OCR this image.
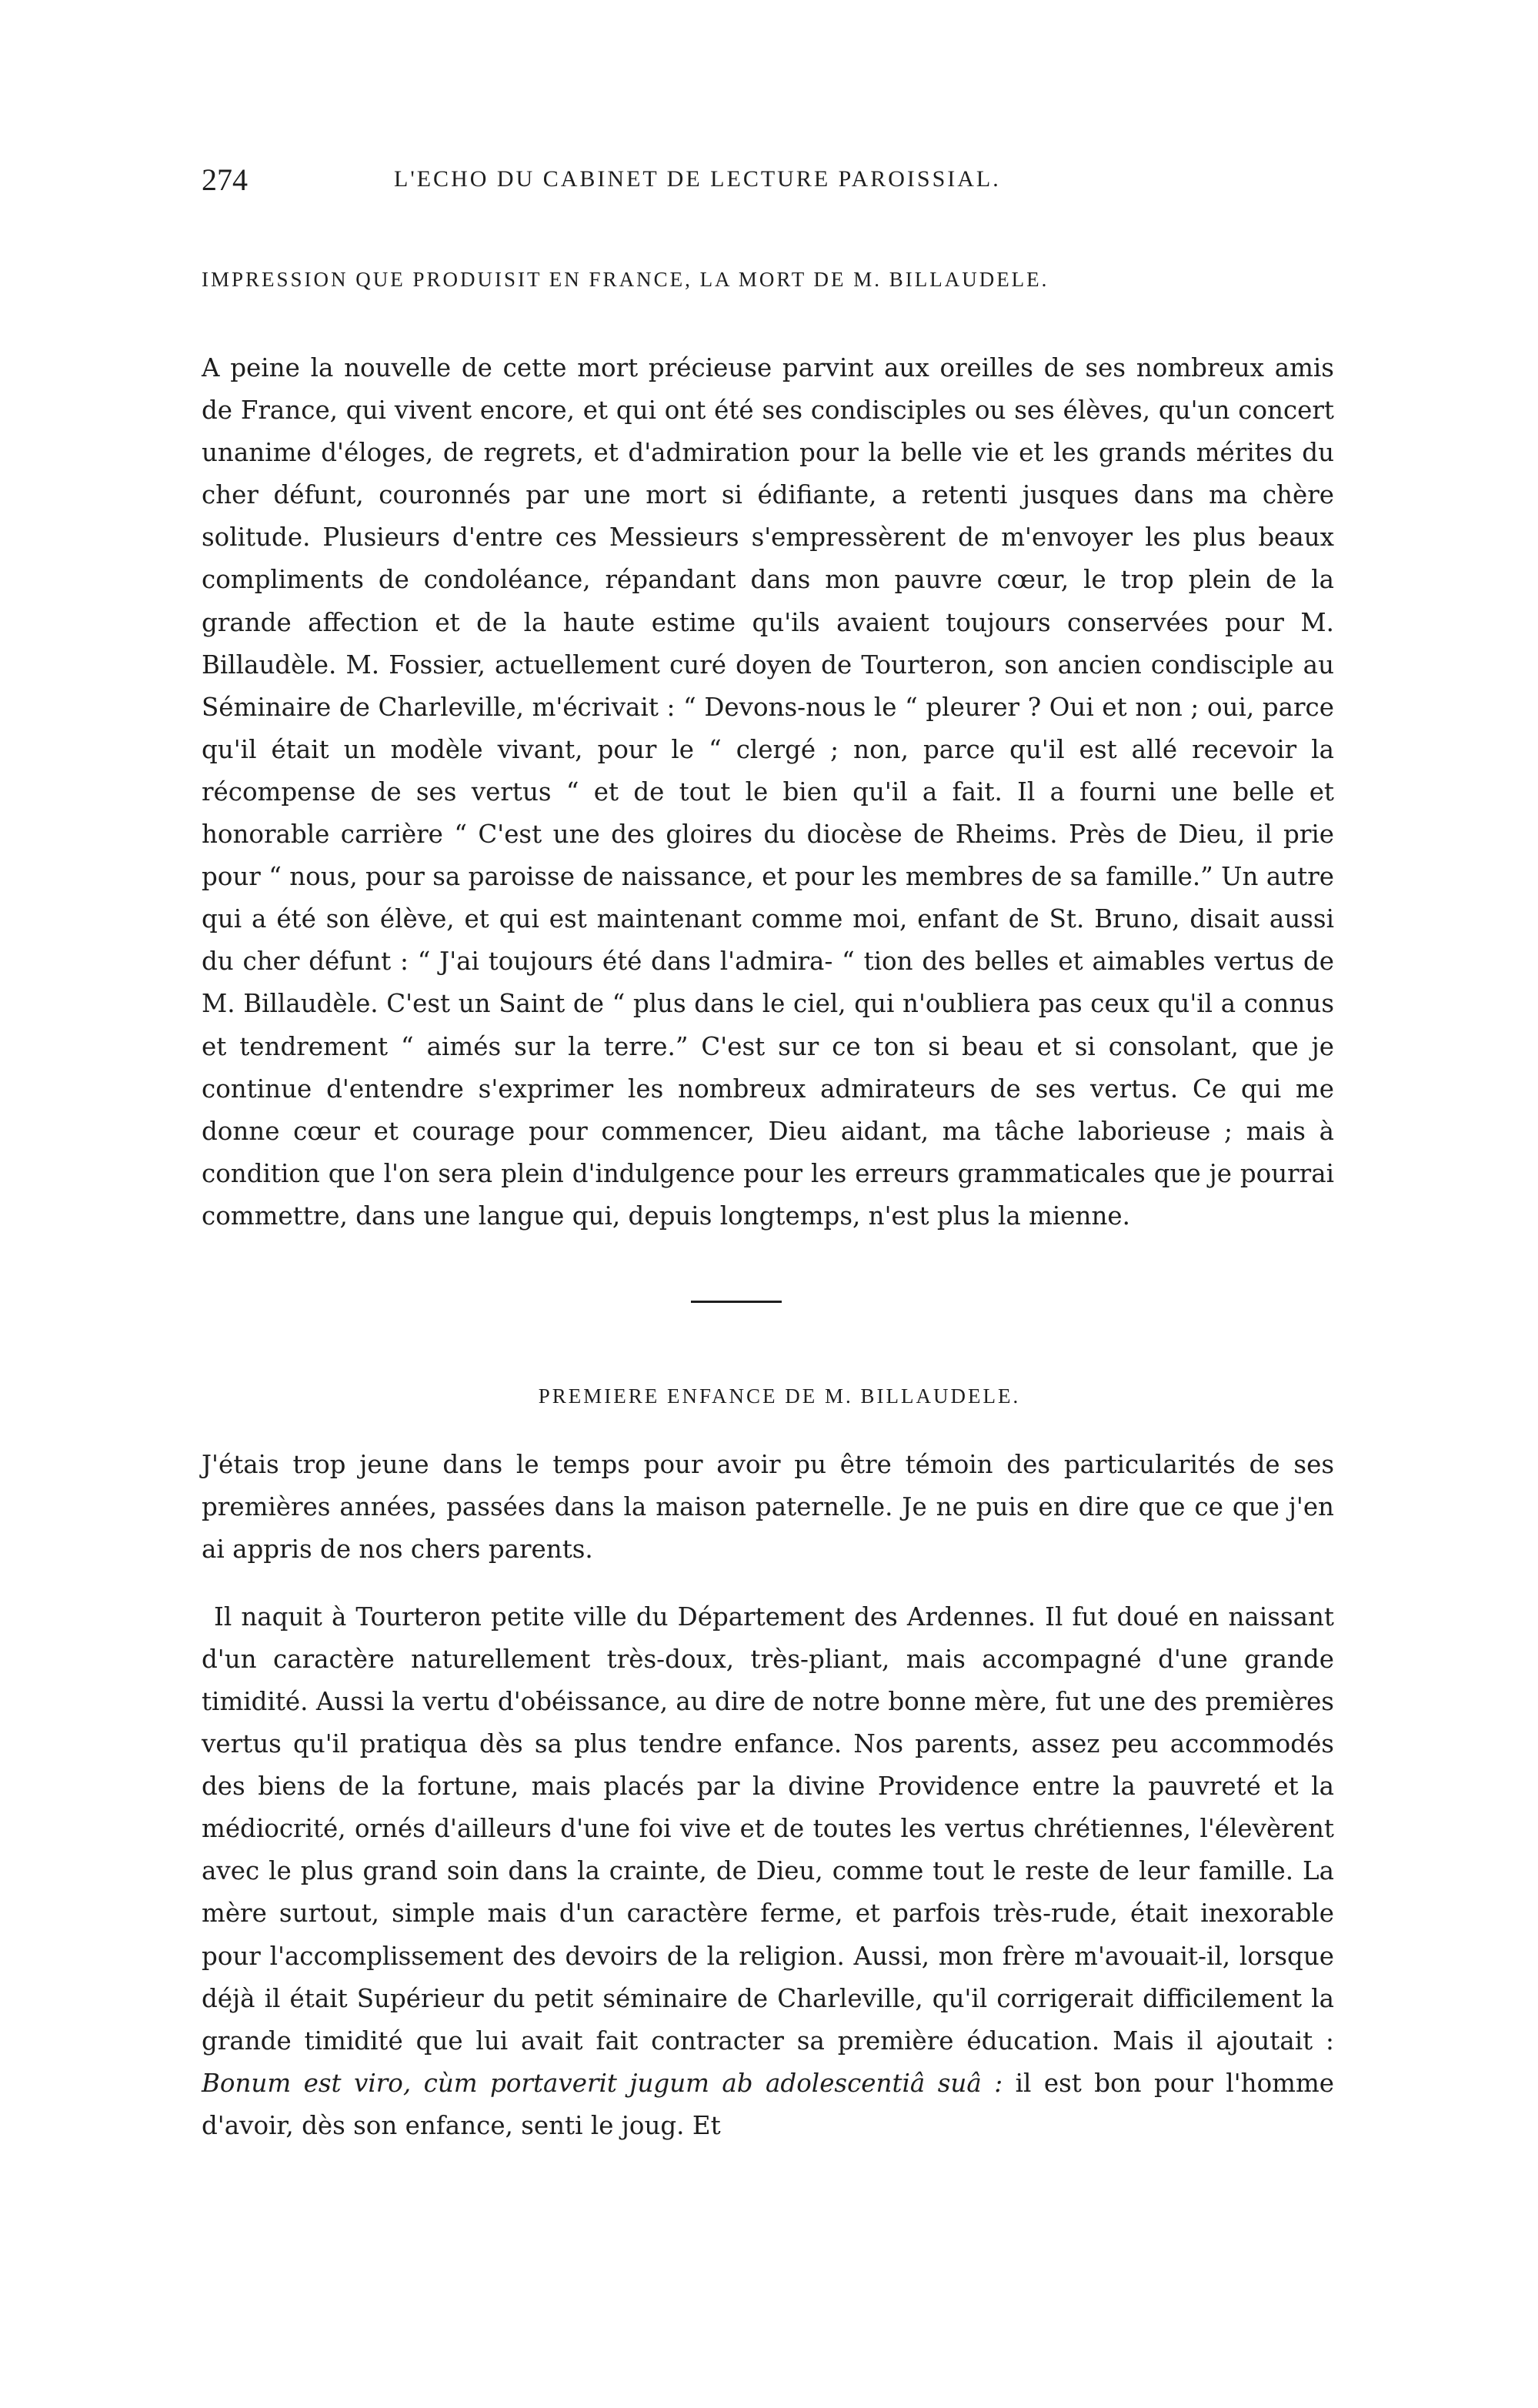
274	L'ECHO DU CABINET DE LECTURE PAROISSIAL.
IMPRESSION QUE PRODUISIT EN FRANCE, LA MORT DE M. BILLAUDELE.

A peine la nouvelle de cette mort précieuse parvint aux oreilles de ses nombreux amis de France, qui vivent encore, et qui ont été ses condisciples ou ses élèves, qu'un concert unanime d'éloges, de regrets, et d'admiration pour la belle vie et les grands mérites du cher défunt, couronnés par une mort si édifiante, a retenti jusques dans ma chère solitude. Plusieurs d'entre ces Messieurs s'empressèrent de m'envoyer les plus beaux compliments de condoléance, répandant dans mon pauvre cœur, le trop plein de la grande affection et de la haute estime qu'ils avaient toujours conservées pour M. Billaudèle. M. Fossier, actuellement curé doyen de Tourteron, son ancien condisciple au Séminaire de Charleville, m'écrivait : “ Devons-nous le “ pleurer ? Oui et non ; oui, parce qu'il était un modèle vivant, pour le “ clergé ; non, parce qu'il est allé recevoir la récompense de ses vertus “ et de tout le bien qu'il a fait. Il a fourni une belle et honorable carrière “ C'est une des gloires du diocèse de Rheims. Près de Dieu, il prie pour “ nous, pour sa paroisse de naissance, et pour les membres de sa famille.” Un autre qui a été son élève, et qui est maintenant comme moi, enfant de St. Bruno, disait aussi du cher défunt : “ J'ai toujours été dans l'admira- “ tion des belles et aimables vertus de M. Billaudèle. C'est un Saint de “ plus dans le ciel, qui n'oubliera pas ceux qu'il a connus et tendrement “ aimés sur la terre.” C'est sur ce ton si beau et si consolant, que je continue d'entendre s'exprimer les nombreux admirateurs de ses vertus. Ce qui me donne cœur et courage pour commencer, Dieu aidant, ma tâche laborieuse ; mais à condition que l'on sera plein d'indulgence pour les erreurs grammaticales que je pourrai commettre, dans une langue qui, depuis longtemps, n'est plus la mienne.

PREMIERE ENFANCE DE M. BILLAUDELE.

J'étais trop jeune dans le temps pour avoir pu être témoin des particularités de ses premières années, passées dans la maison paternelle. Je ne puis en dire que ce que j'en ai appris de nos chers parents.

Il naquit à Tourteron petite ville du Département des Ardennes. Il fut doué en naissant d'un caractère naturellement très-doux, très-pliant, mais accompagné d'une grande timidité. Aussi la vertu d'obéissance, au dire de notre bonne mère, fut une des premières vertus qu'il pratiqua dès sa plus tendre enfance. Nos parents, assez peu accommodés des biens de la fortune, mais placés par la divine Providence entre la pauvreté et la médiocrité, ornés d'ailleurs d'une foi vive et de toutes les vertus chrétiennes, l'élevèrent avec le plus grand soin dans la crainte, de Dieu, comme tout le reste de leur famille. La mère surtout, simple mais d'un caractère ferme, et parfois très-rude, était inexorable pour l'accomplissement des devoirs de la religion. Aussi, mon frère m'avouait-il, lorsque déjà il était Supérieur du petit séminaire de Charleville, qu'il corrigerait difficilement la grande timidité que lui avait fait contracter sa première éducation. Mais il ajoutait : Bonum est viro, cùm portaverit jugum ab adolescentiâ suâ : il est bon pour l'homme d'avoir, dès son enfance, senti le joug. Et
